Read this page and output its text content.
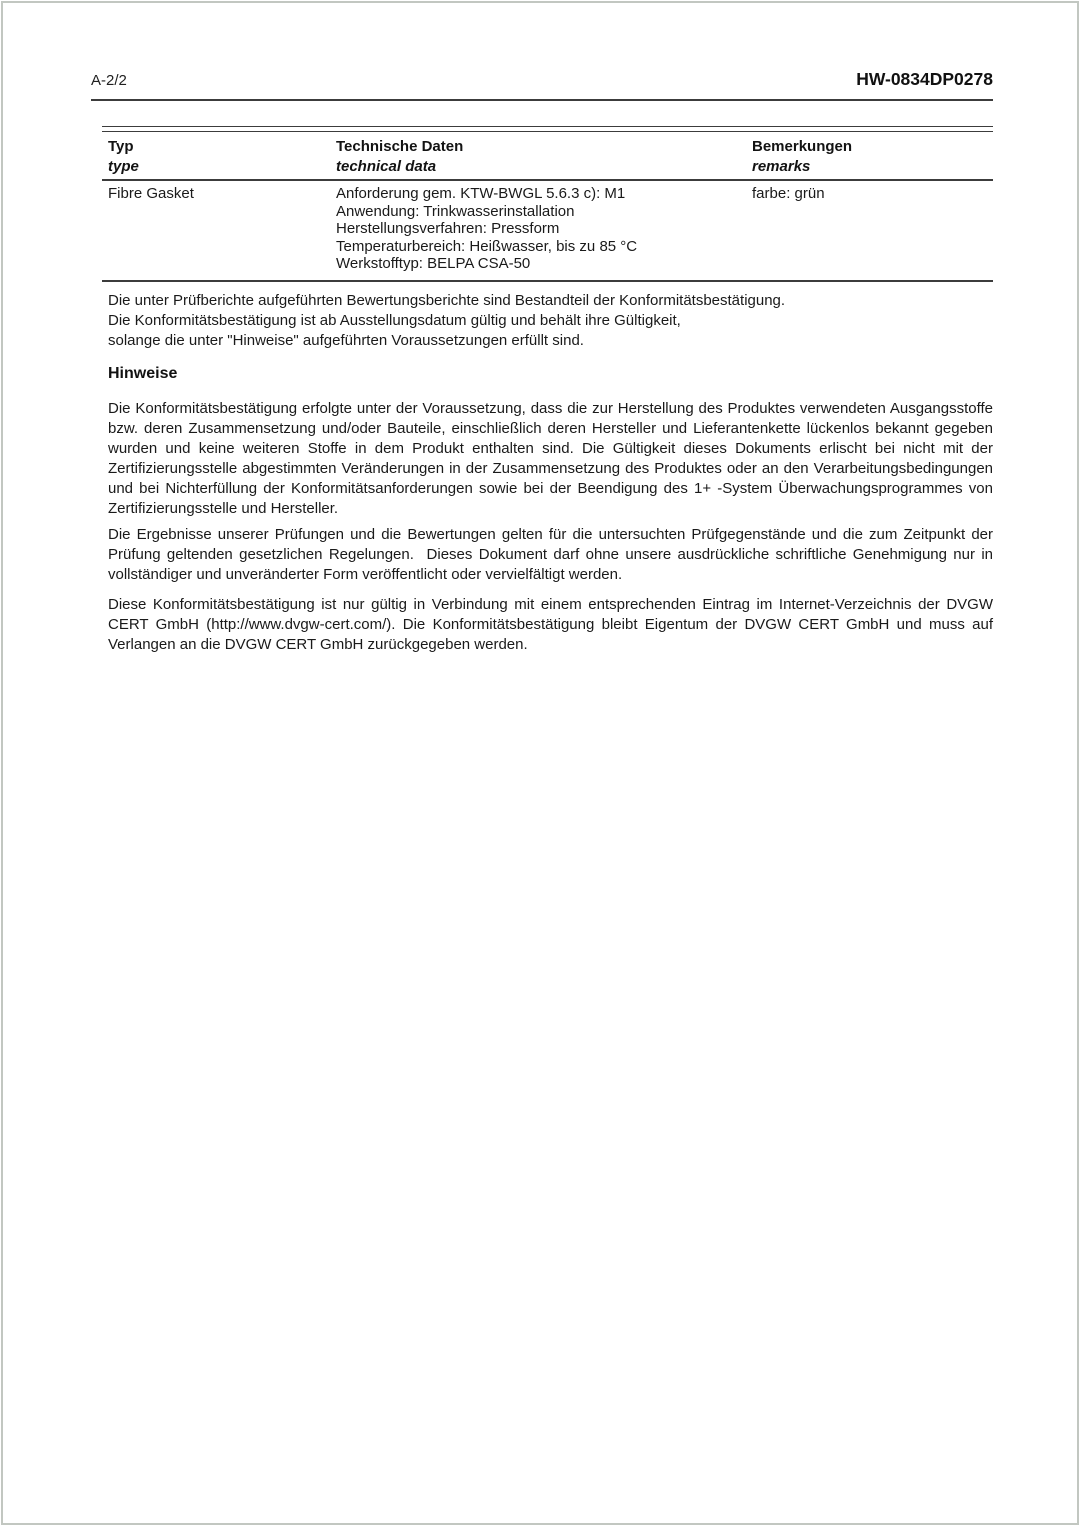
A-2/2	HW-0834DP0278
Typ
type
Technische Daten
technical data
Bemerkungen
remarks
Fibre Gasket	Anforderung gem. KTW-BWGL 5.6.3 c): M1
Anwendung: Trinkwasserinstallation
Herstellungsverfahren: Pressform
Temperaturbereich: Heißwasser, bis zu 85 °C
Werkstofftyp: BELPA CSA-50
farbe: grün
Die unter Prüfberichte aufgeführten Bewertungsberichte sind Bestandteil der Konformitätsbestätigung.
Die Konformitätsbestätigung ist ab Ausstellungsdatum gültig und behält ihre Gültigkeit,
solange die unter "Hinweise" aufgeführten Voraussetzungen erfüllt sind.
Hinweise

Die Konformitätsbestätigung erfolgte unter der Voraussetzung, dass die zur Herstellung des Produktes verwendeten Ausgangsstoffe bzw. deren Zusammensetzung und/oder Bauteile, einschließlich deren Hersteller und Lieferantenkette lückenlos bekannt gegeben wurden und keine weiteren Stoffe in dem Produkt enthalten sind. Die Gültigkeit dieses Dokuments erlischt bei nicht mit der Zertifizierungsstelle abgestimmten Veränderungen in der Zusammensetzung des Produktes oder an den Verarbeitungsbedingungen und bei Nichterfüllung der Konformitätsanforderungen sowie bei der Beendigung des 1+ -System Überwachungsprogrammes von Zertifizierungsstelle und Hersteller.

Die Ergebnisse unserer Prüfungen und die Bewertungen gelten für die untersuchten Prüfgegenstände und die zum Zeitpunkt der Prüfung geltenden gesetzlichen Regelungen.  Dieses Dokument darf ohne unsere ausdrückliche schriftliche Genehmigung nur in vollständiger und unveränderter Form veröffentlicht oder vervielfältigt werden.

Diese Konformitätsbestätigung ist nur gültig in Verbindung mit einem entsprechenden Eintrag im Internet-Verzeichnis der DVGW CERT GmbH (http://www.dvgw-cert.com/). Die Konformitätsbestätigung bleibt Eigentum der DVGW CERT GmbH und muss auf Verlangen an die DVGW CERT GmbH zurückgegeben werden.
